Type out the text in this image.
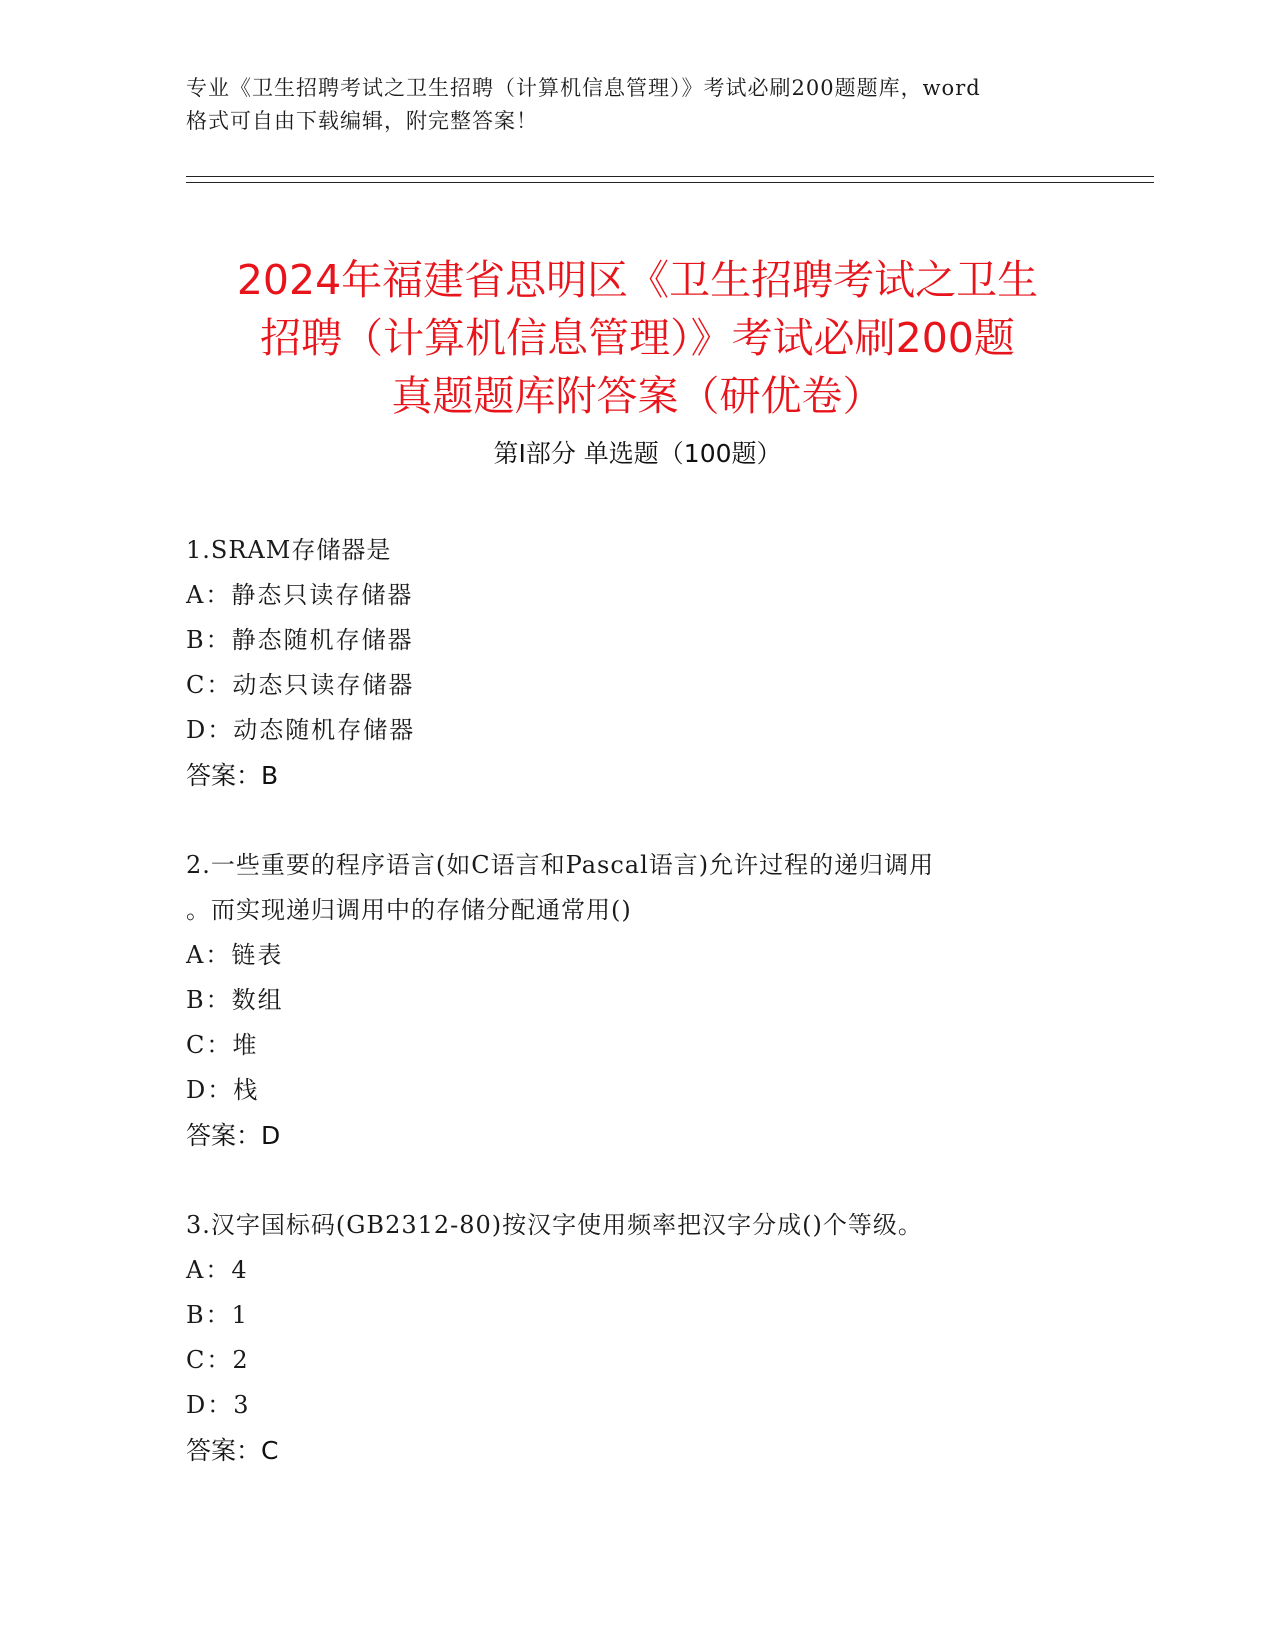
专业《卫生招聘考试之卫生招聘（计算机信息管理）》考试必刷200题题库，word
格式可自由下载编辑，附完整答案！
2024年福建省思明区《卫生招聘考试之卫生
招聘（计算机信息管理）》考试必刷200题
真题题库附答案（研优卷）
第Ⅰ部分 单选题（100题）
1.SRAM存储器是
A：静态只读存储器
B：静态随机存储器
C：动态只读存储器
D：动态随机存储器
答案：B
2.一些重要的程序语言(如C语言和Pascal语言)允许过程的递归调用
。而实现递归调用中的存储分配通常用()
A：链表
B：数组
C：堆
D：栈
答案：D
3.汉字国标码(GB2312-80)按汉字使用频率把汉字分成()个等级。
A：4
B：1
C：2
D：3
答案：C
